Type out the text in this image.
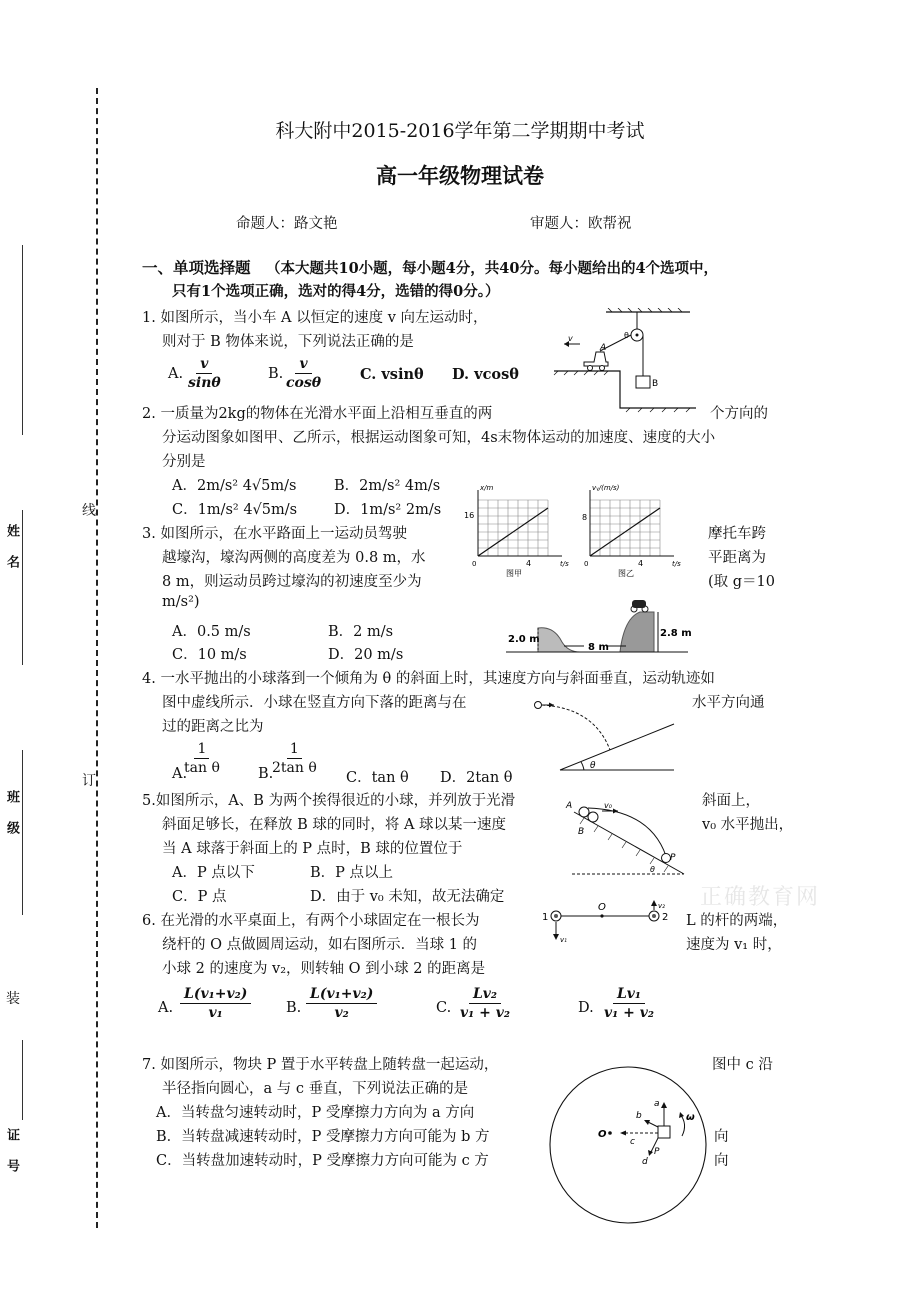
姓名
班级
证号
线
订
装
科大附中2015-2016学年第二学期期中考试
高一年级物理试卷
命题人：路文艳	审题人：欧帮祝
一、单项选择题 （本大题共10小题，每小题4分，共40分。每小题给出的4个选项中，
只有1个选项正确，选对的得4分，选错的得0分。）
1. 如图所示，当小车 A 以恒定的速度 v 向左运动时，
则对于 B 物体来说，下列说法正确的是
A. $\frac{v}{\sin\theta}$	B. $\frac{v}{\cos\theta}$	C. vsinθ D. vcosθ
B
θ
A
v
2. 一质量为2kg的物体在光滑水平面上沿相互垂直的两	个方向的
分运动图象如图甲、乙所示，根据运动图象可知，4s末物体运动的加速度、速度的大小
分别是
A．2m/s² 4√5m/s	B．2m/s² 4m/s
C．1m/s² 4√5m/s	D．1m/s² 2m/s
x/m
16
4	t/s
0
图甲
vᵧ/(m/s)
8
4	t/s
0
图乙
3. 如图所示，在水平路面上一运动员驾驶	摩托车跨
越壕沟，壕沟两侧的高度差为 0.8 m，水	平距离为
8 m，则运动员跨过壕沟的初速度至少为	(取 g＝10
m/s²)
A．0.5 m/s	B．2 m/s
C．10 m/s	D．20 m/s
2.0 m
8 m
2.8 m
4. 一水平抛出的小球落到一个倾角为 θ 的斜面上时，其速度方向与斜面垂直，运动轨迹如
图中虚线所示．小球在竖直方向下落的距离与在	水平方向通
过的距离之比为
A.
$\frac{1}{\text{tan θ}}$	B.
$\frac{1}{\text{2tan θ}}$
C．tan θ D．2tan θ
θ
5.如图所示，A、B 为两个挨得很近的小球，并列放于光滑	斜面上，
斜面足够长，在释放 B 球的同时，将 A 球以某一速度	v₀ 水平抛出，
当 A 球落于斜面上的 P 点时，B 球的位置位于
A．P 点以下	B．P 点以上
C．P 点	D．由于 v₀ 未知，故无法确定
A
B
v₀
P
θ
6. 在光滑的水平桌面上，有两个小球固定在一根长为	L 的杆的两端，
绕杆的 O 点做圆周运动，如右图所示．当球 1 的	速度为 v₁ 时，
小球 2 的速度为 v₂，则转轴 O 到小球 2 的距离是
A. $\frac{\text{L(v₁+v₂)}}{\text{v₁}} B$. $\frac{\text{L(v₁+v₂)}}{\text{v₂}}$	C. $\frac{\text{Lv₂}}{\text{v₁ + v₂}}$	D. $\frac{\text{Lv₁}}{\text{v₁ + v₂}}$
1	2
O
v₁
v₂
7. 如图所示，物块 P 置于水平转盘上随转盘一起运动，	图中 c 沿
半径指向圆心，a 与 c 垂直，下列说法正确的是
A．当转盘匀速转动时，P 受摩擦力方向为 a 方向
B．当转盘减速转动时，P 受摩擦力方向可能为 b 方	向
C．当转盘加速转动时，P 受摩擦力方向可能为 c 方	向
O
c
a
b
d
P
ω
正确教育网
